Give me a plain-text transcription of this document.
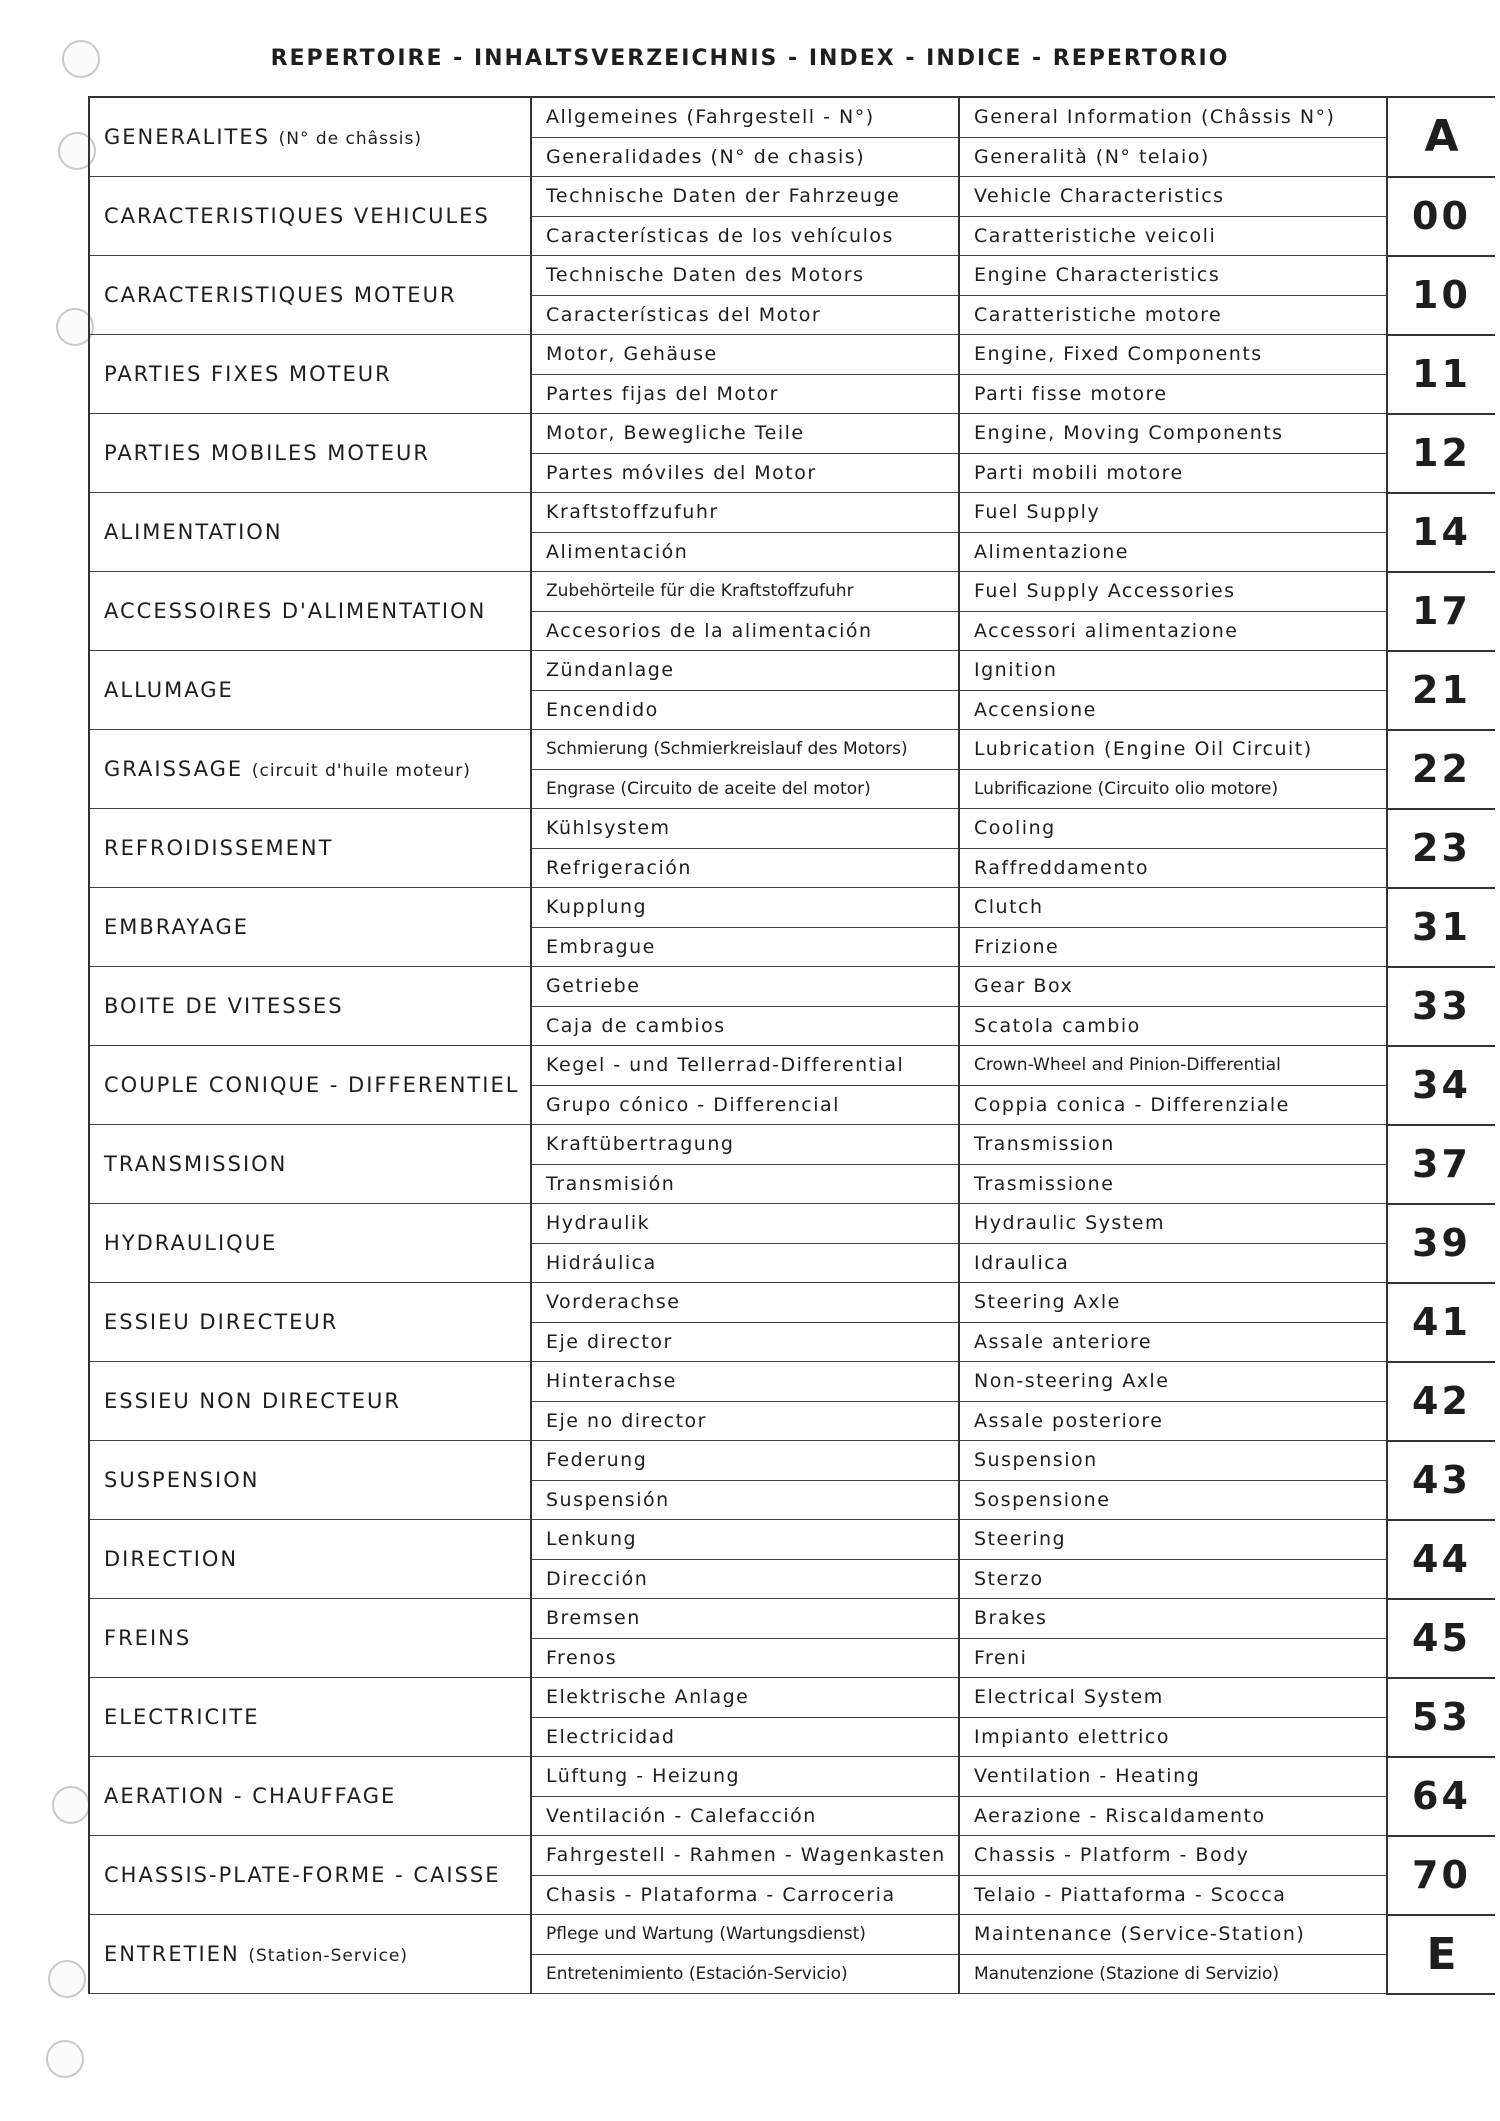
REPERTOIRE - INHALTSVERZEICHNIS - INDEX - INDICE - REPERTORIO
GENERALITES (N° de châssis)	Allgemeines (Fahrgestell - N°)	General Information (Châssis N°)	A
	Generalidades (N° de chasis)	Generalità (N° telaio)	
CARACTERISTIQUES VEHICULES	Technische Daten der Fahrzeuge	Vehicle Characteristics	00
	Características de los vehículos	Caratteristiche veicoli	
CARACTERISTIQUES MOTEUR	Technische Daten des Motors	Engine Characteristics	10
	Características del Motor	Caratteristiche motore	
PARTIES FIXES MOTEUR	Motor, Gehäuse	Engine, Fixed Components	11
	Partes fijas del Motor	Parti fisse motore	
PARTIES MOBILES MOTEUR	Motor, Bewegliche Teile	Engine, Moving Components	12
	Partes móviles del Motor	Parti mobili motore	
ALIMENTATION	Kraftstoffzufuhr	Fuel Supply	14
	Alimentación	Alimentazione	
ACCESSOIRES D'ALIMENTATION	Zubehörteile für die Kraftstoffzufuhr	Fuel Supply Accessories	17
	Accesorios de la alimentación	Accessori alimentazione	
ALLUMAGE	Zündanlage	Ignition	21
	Encendido	Accensione	
GRAISSAGE (circuit d'huile moteur)	Schmierung (Schmierkreislauf des Motors)	Lubrication (Engine Oil Circuit)	22
	Engrase (Circuito de aceite del motor)	Lubrificazione (Circuito olio motore)	
REFROIDISSEMENT	Kühlsystem	Cooling	23
	Refrigeración	Raffreddamento	
EMBRAYAGE	Kupplung	Clutch	31
	Embrague	Frizione	
BOITE DE VITESSES	Getriebe	Gear Box	33
	Caja de cambios	Scatola cambio	
COUPLE CONIQUE - DIFFERENTIEL	Kegel - und Tellerrad-Differential	Crown-Wheel and Pinion-Differential	34
	Grupo cónico - Differencial	Coppia conica - Differenziale	
TRANSMISSION	Kraftübertragung	Transmission	37
	Transmisión	Trasmissione	
HYDRAULIQUE	Hydraulik	Hydraulic System	39
	Hidráulica	Idraulica	
ESSIEU DIRECTEUR	Vorderachse	Steering Axle	41
	Eje director	Assale anteriore	
ESSIEU NON DIRECTEUR	Hinterachse	Non-steering Axle	42
	Eje no director	Assale posteriore	
SUSPENSION	Federung	Suspension	43
	Suspensión	Sospensione	
DIRECTION	Lenkung	Steering	44
	Dirección	Sterzo	
FREINS	Bremsen	Brakes	45
	Frenos	Freni	
ELECTRICITE	Elektrische Anlage	Electrical System	53
	Electricidad	Impianto elettrico	
AERATION - CHAUFFAGE	Lüftung - Heizung	Ventilation - Heating	64
	Ventilación - Calefacción	Aerazione - Riscaldamento	
CHASSIS-PLATE-FORME - CAISSE	Fahrgestell - Rahmen - Wagenkasten	Chassis - Platform - Body	70
	Chasis - Plataforma - Carroceria	Telaio - Piattaforma - Scocca	
ENTRETIEN (Station-Service)	Pflege und Wartung (Wartungsdienst)	Maintenance (Service-Station)	E
	Entretenimiento (Estación-Servicio)	Manutenzione (Stazione di Servizio)	
